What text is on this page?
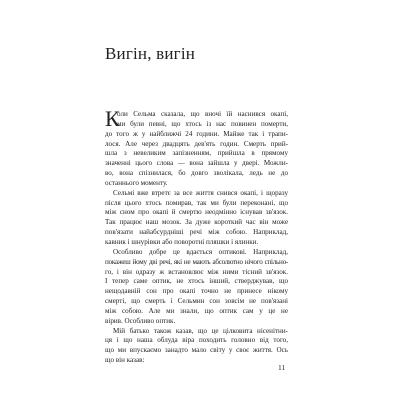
Вигін, вигін
К
оли Сельма сказала, що вночі їй наснився окапі,
ми були певні, що хтось із нас повинен померти,
до того ж у найближчі 24 години. Майже так і трапи-
лося. Але через двадцять дев'ять годин. Смерть прий-
шла з невеликим запізненням, прийшла в прямому
значенні цього слова — вона зайшла у двері. Можли-
во, вона спізнилася, бо довго зволікала, ледь не до
останнього моменту.
Сельмі вже втретє за все життя снився окапі, і щоразу
після цього хтось помирав, так ми були переконані, що
між сном про окапі й смертю неодмінно існував зв'язок.
Так працює наш мозок. За дуже короткий час він може
пов'язати найабсурдніші речі між собою. Наприклад,
кавник і шнурівки або поворотні пляшки і ялинки.
Особливо добре це вдається оптикові. Наприклад,
покажеш йому дві речі, які не мають абсолютно нічого спільно-
го, і він одразу ж встановлює між ними тісний зв'язок.
І тепер саме оптик, не хтось інший, стверджував, що
нещодавній сон про окапі точно не принесе нікому
смерті, що смерть і Сельмин сон зовсім не пов'язані
між собою. Але ми знали, що оптик сам у це не
вірив. Особливо оптик.
Мій батько також казав, що це цілковита нісенітни-
ця і що наша облуда віра походить головно від того,
що ми впускаємо занадто мало світу у своє життя. Ось
що він казав:
11
